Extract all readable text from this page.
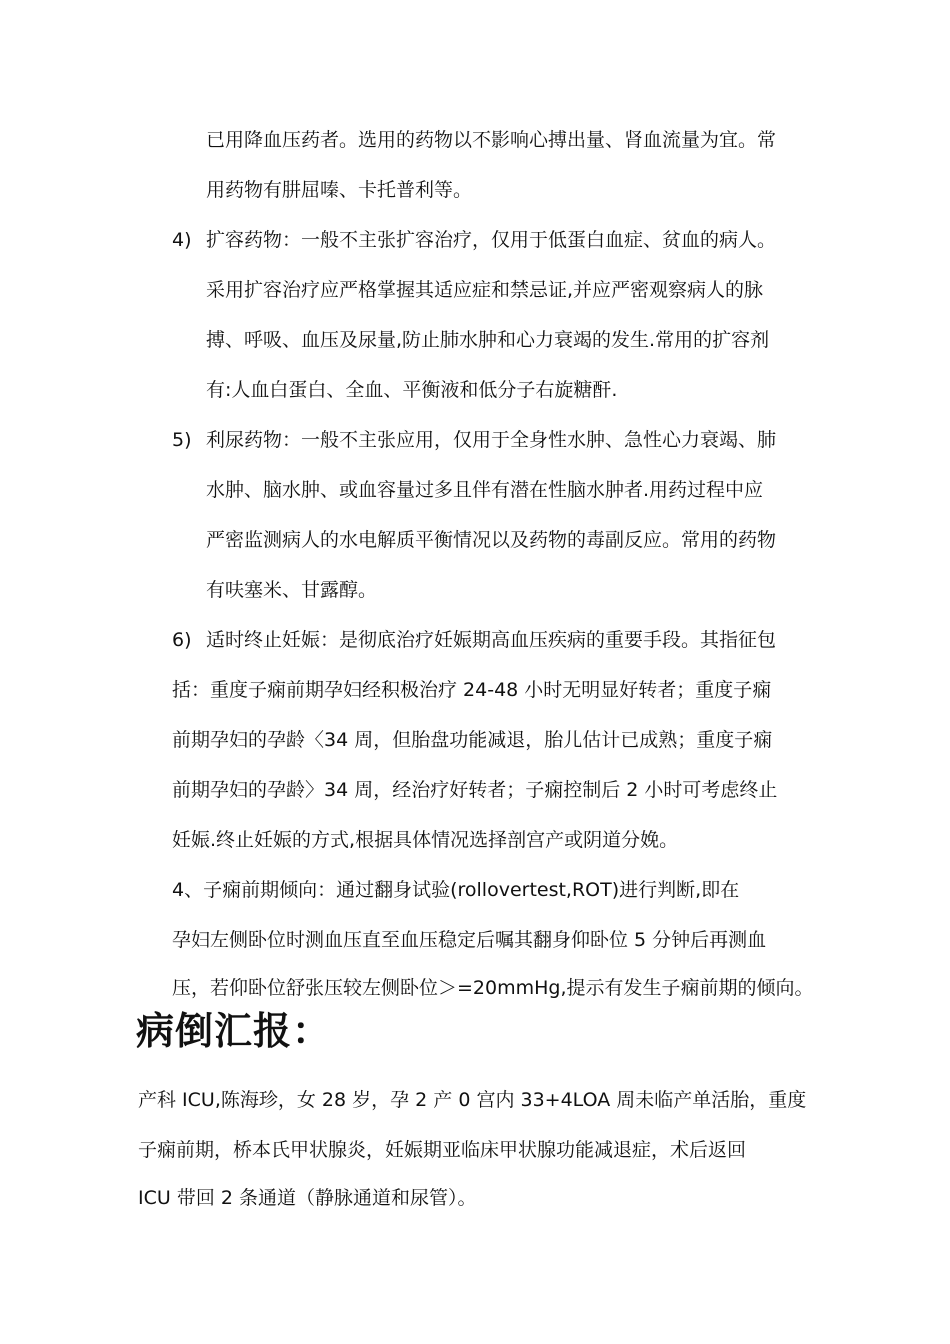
已用降血压药者。选用的药物以不影响心搏出量、肾血流量为宜。常
用药物有肼屈嗪、卡托普利等。
4) 扩容药物：一般不主张扩容治疗，仅用于低蛋白血症、贫血的病人。
采用扩容治疗应严格掌握其适应症和禁忌证,并应严密观察病人的脉
搏、呼吸、血压及尿量,防止肺水肿和心力衰竭的发生.常用的扩容剂
有:人血白蛋白、全血、平衡液和低分子右旋糖酐.
5) 利尿药物：一般不主张应用，仅用于全身性水肿、急性心力衰竭、肺
水肿、脑水肿、或血容量过多且伴有潜在性脑水肿者.用药过程中应
严密监测病人的水电解质平衡情况以及药物的毒副反应。常用的药物
有呋塞米、甘露醇。
6) 适时终止妊娠：是彻底治疗妊娠期高血压疾病的重要手段。其指征包
括：重度子痫前期孕妇经积极治疗 24-48 小时无明显好转者；重度子痫
前期孕妇的孕龄〈34 周，但胎盘功能减退，胎儿估计已成熟；重度子痫
前期孕妇的孕龄〉34 周，经治疗好转者；子痫控制后 2 小时可考虑终止
妊娠.终止妊娠的方式,根据具体情况选择剖宫产或阴道分娩。
4、子痫前期倾向：通过翻身试验(rollovertest,ROT)进行判断,即在
孕妇左侧卧位时测血压直至血压稳定后嘱其翻身仰卧位 5 分钟后再测血
压，若仰卧位舒张压较左侧卧位＞=20mmHg,提示有发生子痫前期的倾向。
病倒汇报：
产科 ICU,陈海珍，女 28 岁，孕 2 产 0 宫内 33+4LOA 周未临产单活胎，重度
子痫前期，桥本氏甲状腺炎，妊娠期亚临床甲状腺功能减退症，术后返回
ICU 带回 2 条通道（静脉通道和尿管）。
